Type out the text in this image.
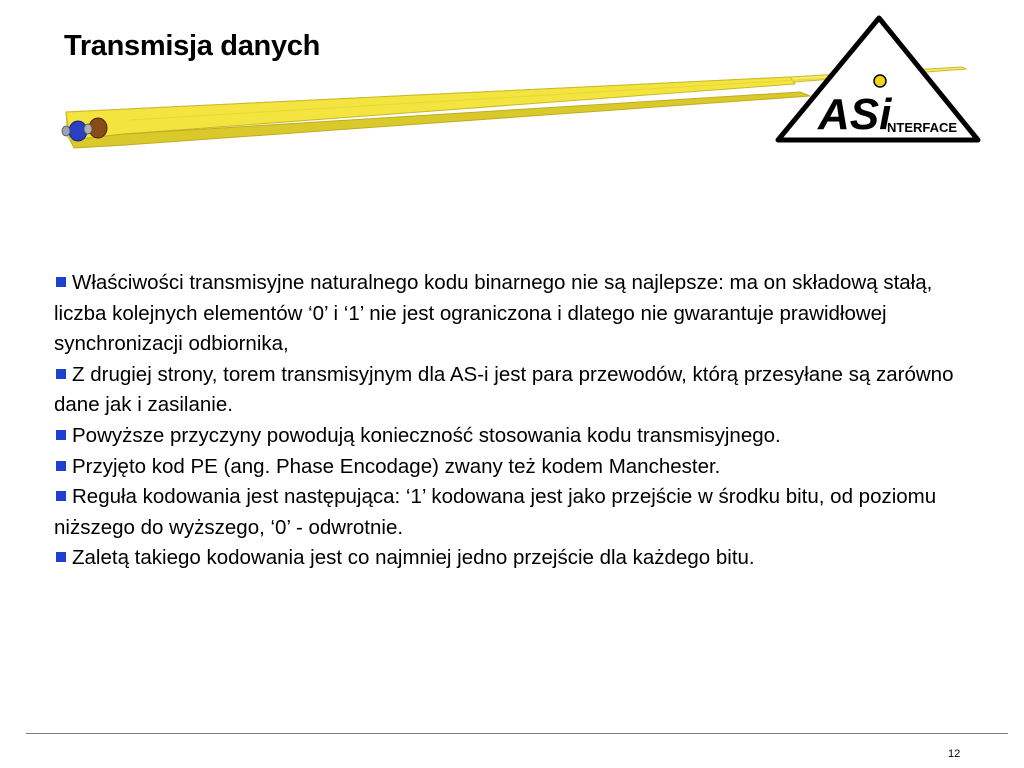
Transmisja danych
ASi
NTERFACE

Właściwości transmisyjne naturalnego kodu binarnego nie są najlepsze: ma on składową stałą, liczba kolejnych elementów ‘0’ i ‘1’ nie jest ograniczona i dlatego nie gwarantuje prawidłowej synchronizacji odbiornika,

Z drugiej strony, torem transmisyjnym dla AS-i jest para przewodów, którą przesyłane są zarówno dane jak i zasilanie.

Powyższe przyczyny powodują konieczność stosowania kodu transmisyjnego.

Przyjęto kod PE (ang. Phase Encodage) zwany też kodem Manchester.

Reguła kodowania jest następująca: ‘1’ kodowana jest jako przejście w środku bitu, od poziomu niższego do wyższego, ‘0’ - odwrotnie.

Zaletą takiego kodowania jest co najmniej jedno przejście dla każdego bitu.

12
